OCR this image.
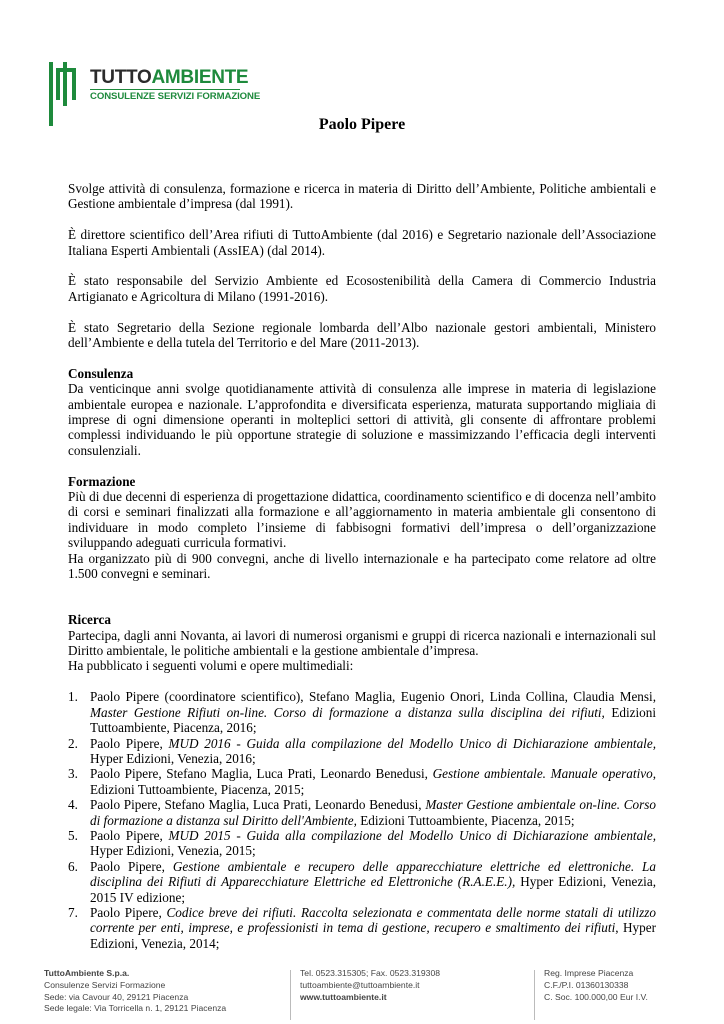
TUTTOAMBIENTE
CONSULENZE SERVIZI FORMAZIONE
Paolo Pipere

Svolge attività di consulenza, formazione e ricerca in materia di Diritto dell’Ambiente, Politiche ambientali e Gestione ambientale d’impresa (dal 1991).

È direttore scientifico dell’Area rifiuti di TuttoAmbiente (dal 2016) e Segretario nazionale dell’Associazione Italiana Esperti Ambientali (AssIEA) (dal 2014).

È stato responsabile del Servizio Ambiente ed Ecosostenibilità della Camera di Commercio Industria Artigianato e Agricoltura di Milano (1991-2016).

È stato Segretario della Sezione regionale lombarda dell’Albo nazionale gestori ambientali, Ministero dell’Ambiente e della tutela del Territorio e del Mare (2011-2013).

Consulenza

Da venticinque anni svolge quotidianamente attività di consulenza alle imprese in materia di legislazione ambientale europea e nazionale. L’approfondita e diversificata esperienza, maturata supportando migliaia di imprese di ogni dimensione operanti in molteplici settori di attività, gli consente di affrontare problemi complessi individuando le più opportune strategie di soluzione e massimizzando l’efficacia degli interventi consulenziali.

Formazione

Più di due decenni di esperienza di progettazione didattica, coordinamento scientifico e di docenza nell’ambito di corsi e seminari finalizzati alla formazione e all’aggiornamento in materia ambientale gli consentono di individuare in modo completo l’insieme di fabbisogni formativi dell’impresa o dell’organizzazione sviluppando adeguati curricula formativi.

Ha organizzato più di 900 convegni, anche di livello internazionale e ha partecipato come relatore ad oltre 1.500 convegni e seminari.

Ricerca

Partecipa, dagli anni Novanta, ai lavori di numerosi organismi e gruppi di ricerca nazionali e internazionali sul Diritto ambientale, le politiche ambientali e la gestione ambientale d’impresa.

Ha pubblicato i seguenti volumi e opere multimediali:

1. Paolo Pipere (coordinatore scientifico), Stefano Maglia, Eugenio Onori, Linda Collina, Claudia Mensi, Master Gestione Rifiuti on-line. Corso di formazione a distanza sulla disciplina dei rifiuti, Edizioni Tuttoambiente, Piacenza, 2016;
2. Paolo Pipere, MUD 2016 - Guida alla compilazione del Modello Unico di Dichiarazione ambientale, Hyper Edizioni, Venezia, 2016;
3. Paolo Pipere, Stefano Maglia, Luca Prati, Leonardo Benedusi, Gestione ambientale. Manuale operativo, Edizioni Tuttoambiente, Piacenza, 2015;
4. Paolo Pipere, Stefano Maglia, Luca Prati, Leonardo Benedusi, Master Gestione ambientale on-line. Corso di formazione a distanza sul Diritto dell'Ambiente, Edizioni Tuttoambiente, Piacenza, 2015;
5. Paolo Pipere, MUD 2015 - Guida alla compilazione del Modello Unico di Dichiarazione ambientale, Hyper Edizioni, Venezia, 2015;
6. Paolo Pipere, Gestione ambientale e recupero delle apparecchiature elettriche ed elettroniche. La disciplina dei Rifiuti di Apparecchiature Elettriche ed Elettroniche (R.A.E.E.), Hyper Edizioni, Venezia, 2015 IV edizione;
7. Paolo Pipere, Codice breve dei rifiuti. Raccolta selezionata e commentata delle norme statali di utilizzo corrente per enti, imprese, e professionisti in tema di gestione, recupero e smaltimento dei rifiuti, Hyper Edizioni, Venezia, 2014;
TuttoAmbiente S.p.a.
Consulenze Servizi Formazione
Sede: via Cavour 40, 29121 Piacenza
Sede legale: Via Torricella n. 1, 29121 Piacenza
Tel. 0523.315305; Fax. 0523.319308
tuttoambiente@tuttoambiente.it
www.tuttoambiente.it
Reg. Imprese Piacenza
C.F./P.I. 01360130338
C. Soc. 100.000,00 Eur I.V.
